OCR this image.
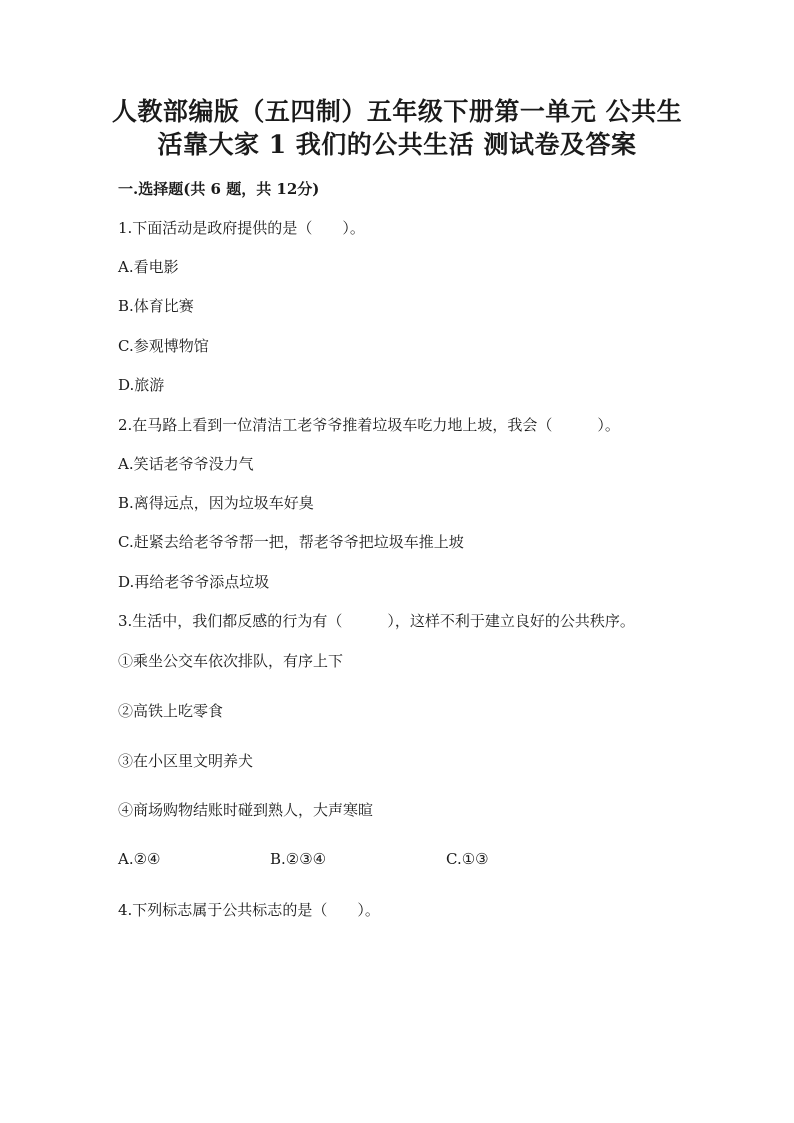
人教部编版（五四制）五年级下册第一单元 公共生
活靠大家 1 我们的公共生活 测试卷及答案

一.选择题(共 6 题，共 12分)

1.下面活动是政府提供的是（　　）。

A.看电影

B.体育比赛

C.参观博物馆

D.旅游

2.在马路上看到一位清洁工老爷爷推着垃圾车吃力地上坡，我会（　　　）。

A.笑话老爷爷没力气

B.离得远点，因为垃圾车好臭

C.赶紧去给老爷爷帮一把，帮老爷爷把垃圾车推上坡

D.再给老爷爷添点垃圾

3.生活中，我们都反感的行为有（　　　），这样不利于建立良好的公共秩序。

①乘坐公交车依次排队，有序上下

②高铁上吃零食

③在小区里文明养犬

④商场购物结账时碰到熟人，大声寒暄

A.②④	B.②③④	C.①③

4.下列标志属于公共标志的是（　　）。
